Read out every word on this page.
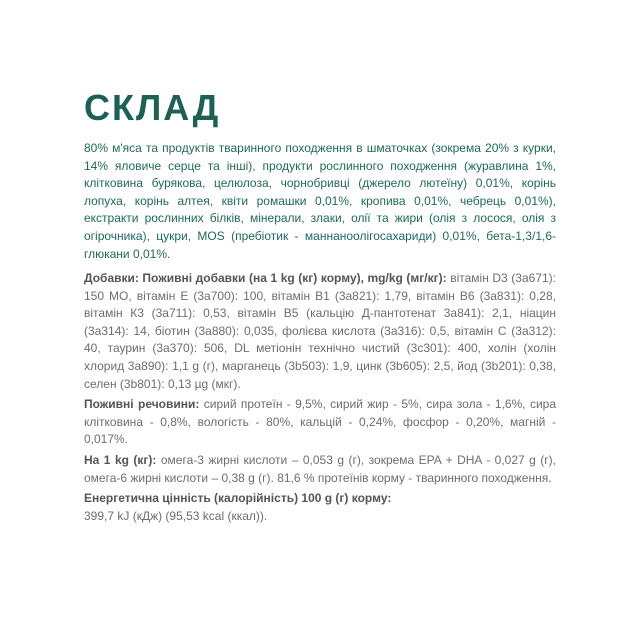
СКЛАД
80% м'яса та продуктів тваринного походження в шматочках (зокрема 20% з курки, 14% яловиче серце та інші), продукти рослинного походження (журавлина 1%, клітковина бурякова, целюлоза, чорнобривці (джерело лютеїну) 0,01%, корінь лопуха, корінь алтея, квіти ромашки 0,01%, кропива 0,01%, чебрець 0,01%), екстракти рослинних білків, мінерали, злаки, олії та жири (олія з лосося, олія з огірочника), цукри, MOS (пребіотик - маннаноолігосахариди) 0,01%, бета-1,3/1,6-глюкани 0,01%.

Добавки: Поживні добавки (на 1 kg (кг) корму), mg/kg (мг/кг): вітамін D3 (3a671): 150 МО, вітамін Е (3a700): 100, вітамін В1 (3a821): 1,79, вітамін В6 (3a831): 0,28, вітамін К3 (3a711): 0,53, вітамін В5 (кальцію Д-пантотенат 3a841): 2,1, ніацин (3a314): 14, біотин (3a880): 0,035, фолієва кислота (3a316): 0,5, вітамін С (3a312): 40, таурин (3a370): 506, DL метіонін технічно чистий (3c301): 400, холін (холін хлорид 3a890): 1,1 g (г), марганець (3b503): 1,9, цинк (3b605): 2,5, йод (3b201): 0,38, селен (3b801): 0,13 µg (мкг).

Поживні речовини: сирий протеїн - 9,5%, сирий жир - 5%, сира зола - 1,6%, сира клітковина - 0,8%, вологість - 80%, кальцій - 0,24%, фосфор - 0,20%, магній - 0,017%.

На 1 kg (кг): омега-3 жирні кислоти – 0,053 g (г), зокрема EPA + DHA - 0,027 g (г), омега-6 жирні кислоти – 0,38 g (г). 81,6 % протеїнів корму - тваринного походження.

Енергетична цінність (калорійність) 100 g (г) корму:
399,7 kJ (кДж) (95,53 kcal (ккал)).
